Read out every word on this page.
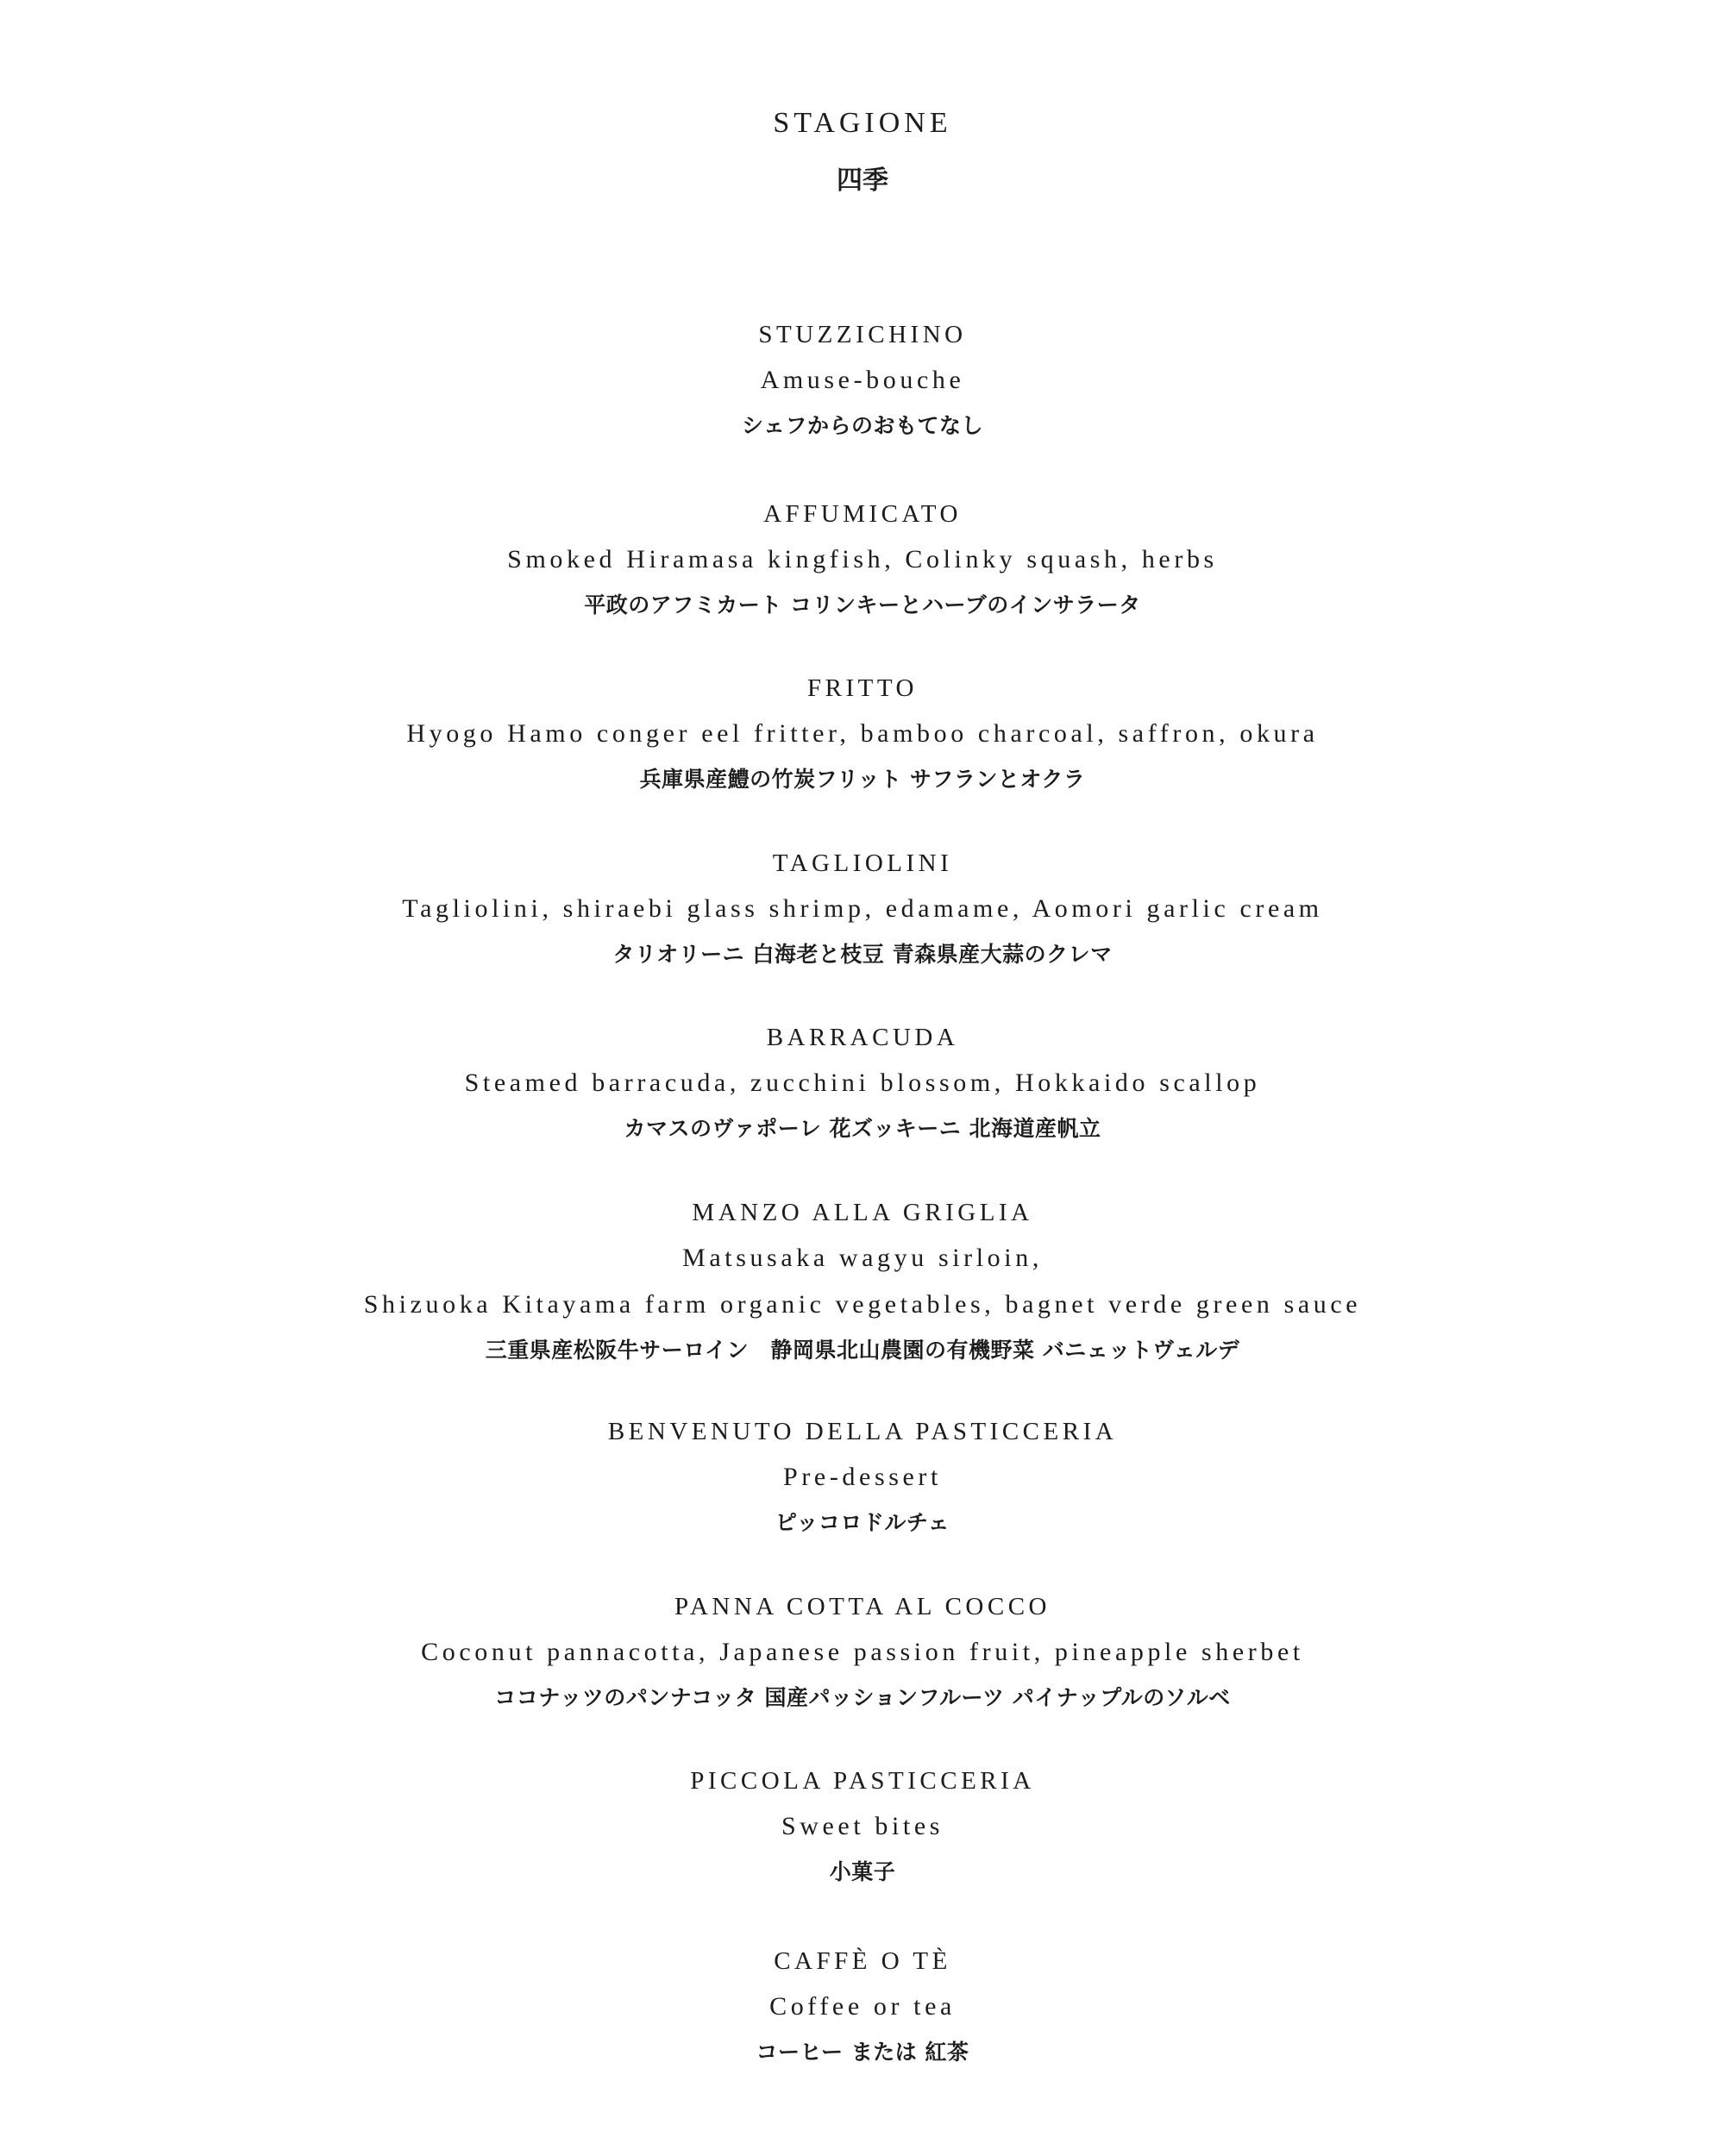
STAGIONE
四季
STUZZICHINO
Amuse-bouche
シェフからのおもてなし
AFFUMICATO
Smoked Hiramasa kingfish, Colinky squash, herbs
平政のアフミカート コリンキーとハーブのインサラータ
FRITTO
Hyogo Hamo conger eel fritter, bamboo charcoal, saffron, okura
兵庫県産鱧の竹炭フリット サフランとオクラ
TAGLIOLINI
Tagliolini, shiraebi glass shrimp, edamame, Aomori garlic cream
タリオリーニ 白海老と枝豆 青森県産大蒜のクレマ
BARRACUDA
Steamed barracuda, zucchini blossom, Hokkaido scallop
カマスのヴァポーレ 花ズッキーニ 北海道産帆立
MANZO ALLA GRIGLIA
Matsusaka wagyu sirloin,
Shizuoka Kitayama farm organic vegetables, bagnet verde green sauce
三重県産松阪牛サーロイン　静岡県北山農園の有機野菜 バニェットヴェルデ
BENVENUTO DELLA PASTICCERIA
Pre-dessert
ピッコロドルチェ
PANNA COTTA AL COCCO
Coconut pannacotta, Japanese passion fruit, pineapple sherbet
ココナッツのパンナコッタ 国産パッションフルーツ パイナップルのソルベ
PICCOLA PASTICCERIA
Sweet bites
小菓子
CAFFÈ O TÈ
Coffee or tea
コーヒー または 紅茶
